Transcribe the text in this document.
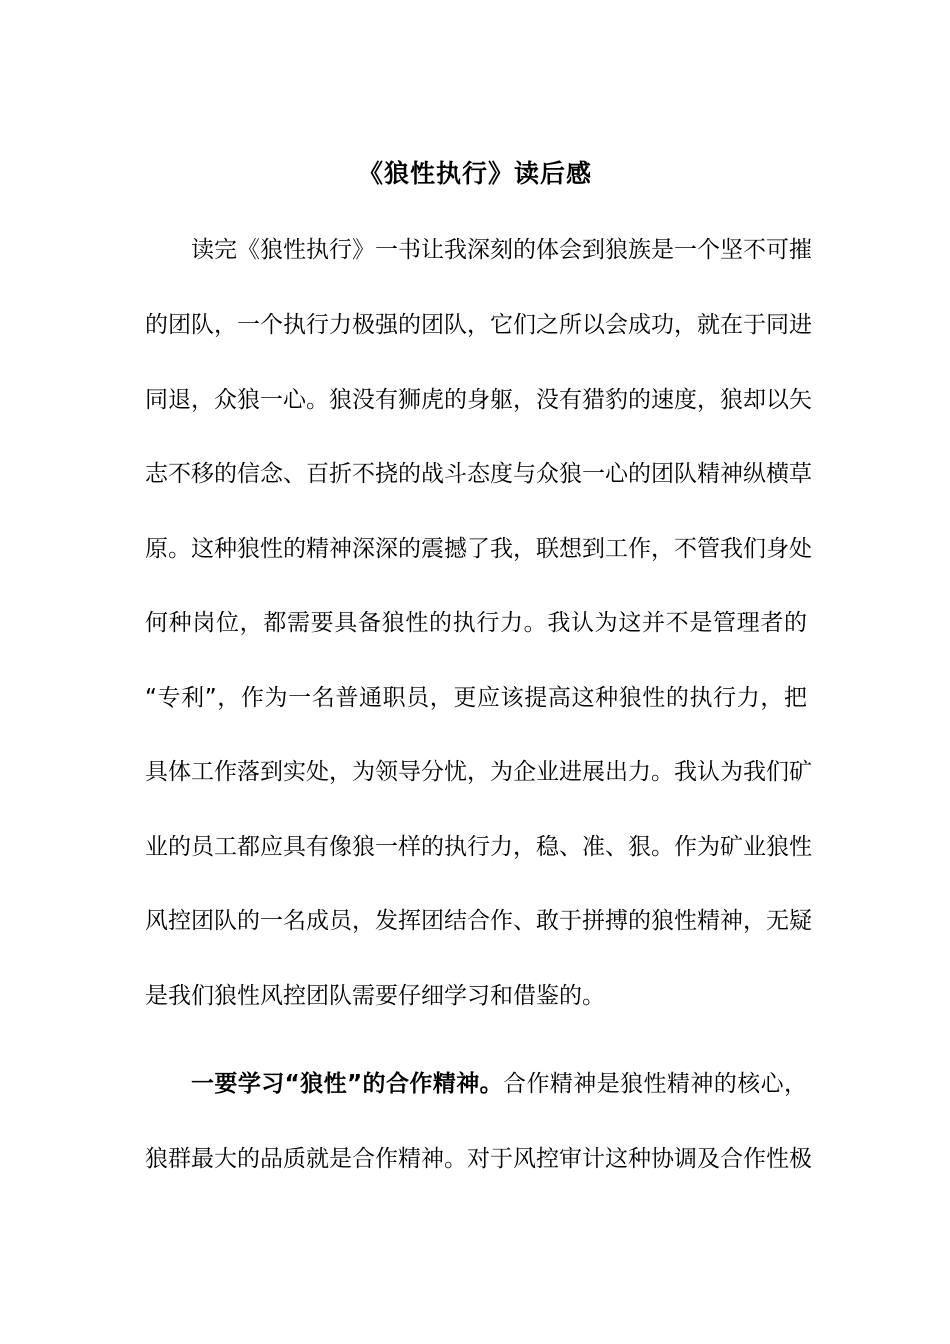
《狼性执行》读后感
读完《狼性执行》一书让我深刻的体会到狼族是一个坚不可摧
的团队，一个执行力极强的团队，它们之所以会成功，就在于同进
同退，众狼一心。狼没有狮虎的身躯，没有猎豹的速度，狼却以矢
志不移的信念、百折不挠的战斗态度与众狼一心的团队精神纵横草
原。这种狼性的精神深深的震撼了我，联想到工作，不管我们身处
何种岗位，都需要具备狼性的执行力。我认为这并不是管理者的
“专利”，作为一名普通职员，更应该提高这种狼性的执行力，把
具体工作落到实处，为领导分忧，为企业进展出力。我认为我们矿
业的员工都应具有像狼一样的执行力，稳、准、狠。作为矿业狼性
风控团队的一名成员，发挥团结合作、敢于拼搏的狼性精神，无疑
是我们狼性风控团队需要仔细学习和借鉴的。
一要学习“狼性”的合作精神。合作精神是狼性精神的核心，
狼群最大的品质就是合作精神。对于风控审计这种协调及合作性极
